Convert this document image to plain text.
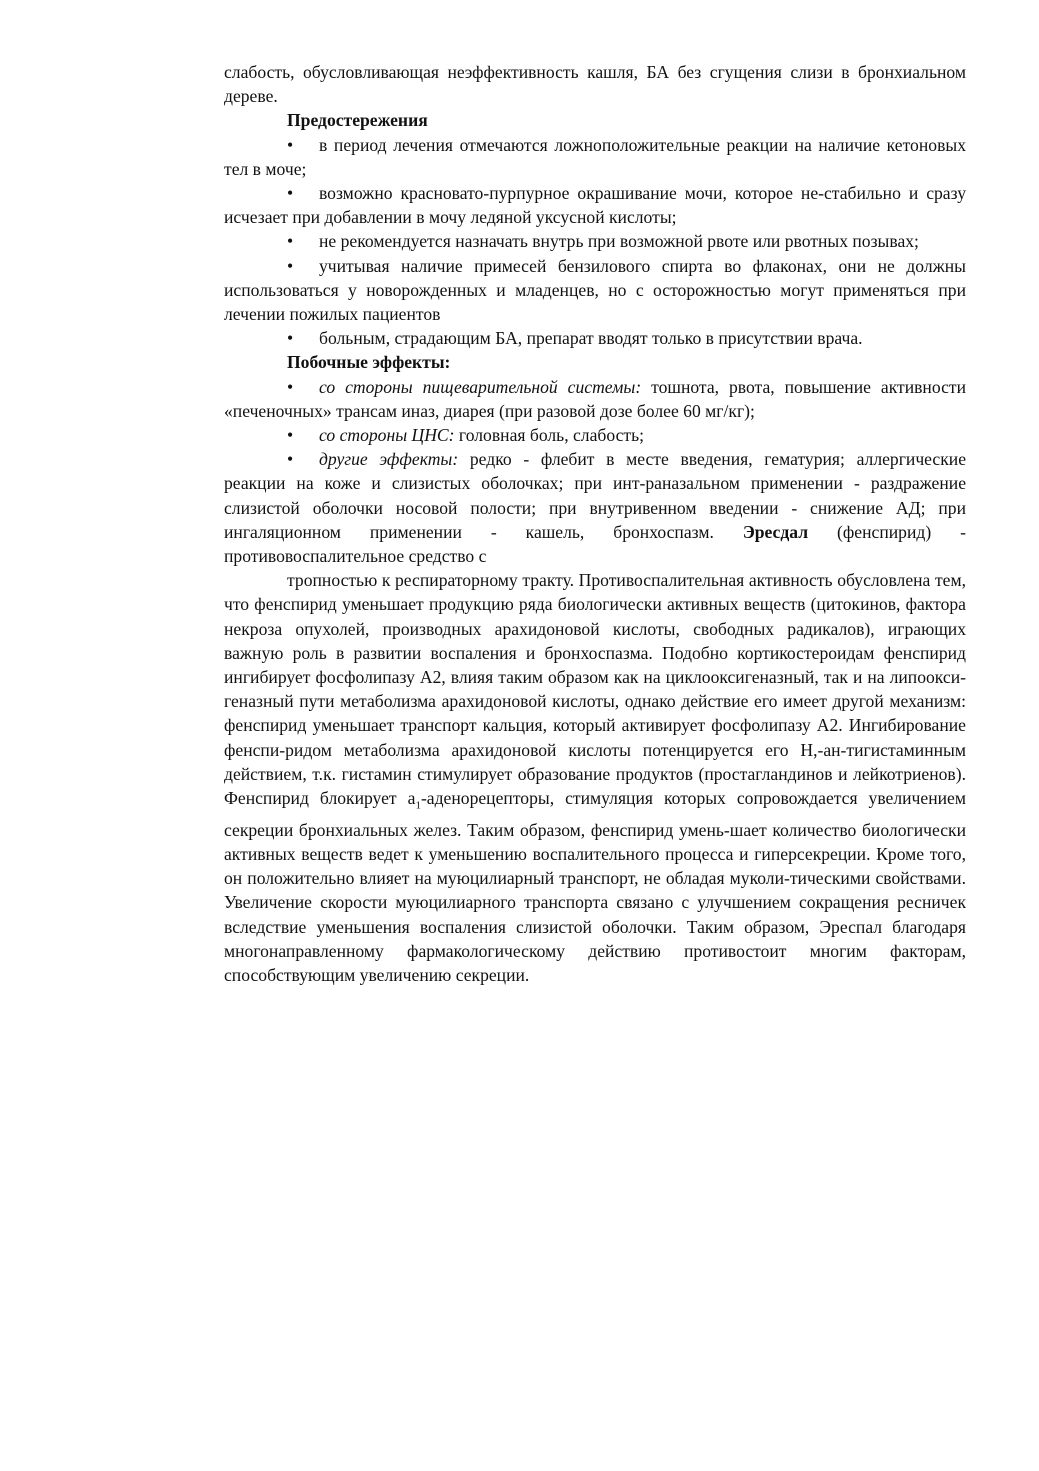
слабость, обусловливающая неэффективность кашля, БА без сгущения слизи в бронхиальном дереве.

Предостережения

• в период лечения отмечаются ложноположительные реакции на наличие кетоновых тел в моче;

• возможно красновато-пурпурное окрашивание мочи, которое не-стабильно и сразу исчезает при добавлении в мочу ледяной уксусной кислоты;

• не рекомендуется назначать внутрь при возможной рвоте или рвотных позывах;

• учитывая наличие примесей бензилового спирта во флаконах, они не должны использоваться у новорожденных и младенцев, но с осторожностью могут применяться при лечении пожилых пациентов

• больным, страдающим БА, препарат вводят только в присутствии врача.

Побочные эффекты:

• со стороны пищеварительной системы: тошнота, рвота, повышение активности «печеночных» трансам иназ, диарея (при разовой дозе более 60 мг/кг);

• со стороны ЦНС: головная боль, слабость;

• другие эффекты: редко - флебит в месте введения, гематурия; аллергические реакции на коже и слизистых оболочках; при инт-раназальном применении - раздражение слизистой оболочки носовой полости; при внутривенном введении - снижение АД; при ингаляционном применении - кашель, бронхоспазм. Эресдал (фенспирид) - противовоспалительное средство с

тропностью к респираторному тракту. Противоспалительная активность обусловлена тем, что фенспирид уменьшает продукцию ряда биологически активных веществ (цитокинов, фактора некроза опухолей, производных арахидоновой кислоты, свободных радикалов), играющих важную роль в развитии воспаления и бронхоспазма. Подобно кортикостероидам фенспирид ингибирует фосфолипазу А2, влияя таким образом как на циклооксигеназный, так и на липоокси-геназный пути метаболизма арахидоновой кислоты, однако действие его имеет другой механизм: фенспирид уменьшает транспорт кальция, который активирует фосфолипазу А2. Ингибирование фенспи-ридом метаболизма арахидоновой кислоты потенцируется его Н,-ан-тигистаминным действием, т.к. гистамин стимулирует образование продуктов (простагландинов и лейкотриенов). Фенспирид блокирует $а_1$-аденорецепторы, стимуляция которых сопровождается увеличением секреции бронхиальных желез. Таким образом, фенспирид умень-шает количество биологически активных веществ ведет к уменьшению воспалительного процесса и гиперсекреции. Кроме того, он положительно влияет на муюцилиарный транспорт, не обладая муколи-тическими свойствами. Увеличение скорости муюцилиарного транспорта связано с улучшением сокращения ресничек вследствие уменьшения воспаления слизистой оболочки. Таким образом, Эреспал благодаря многонаправленному фармакологическому действию противостоит многим факторам, способствующим увеличению секреции.
